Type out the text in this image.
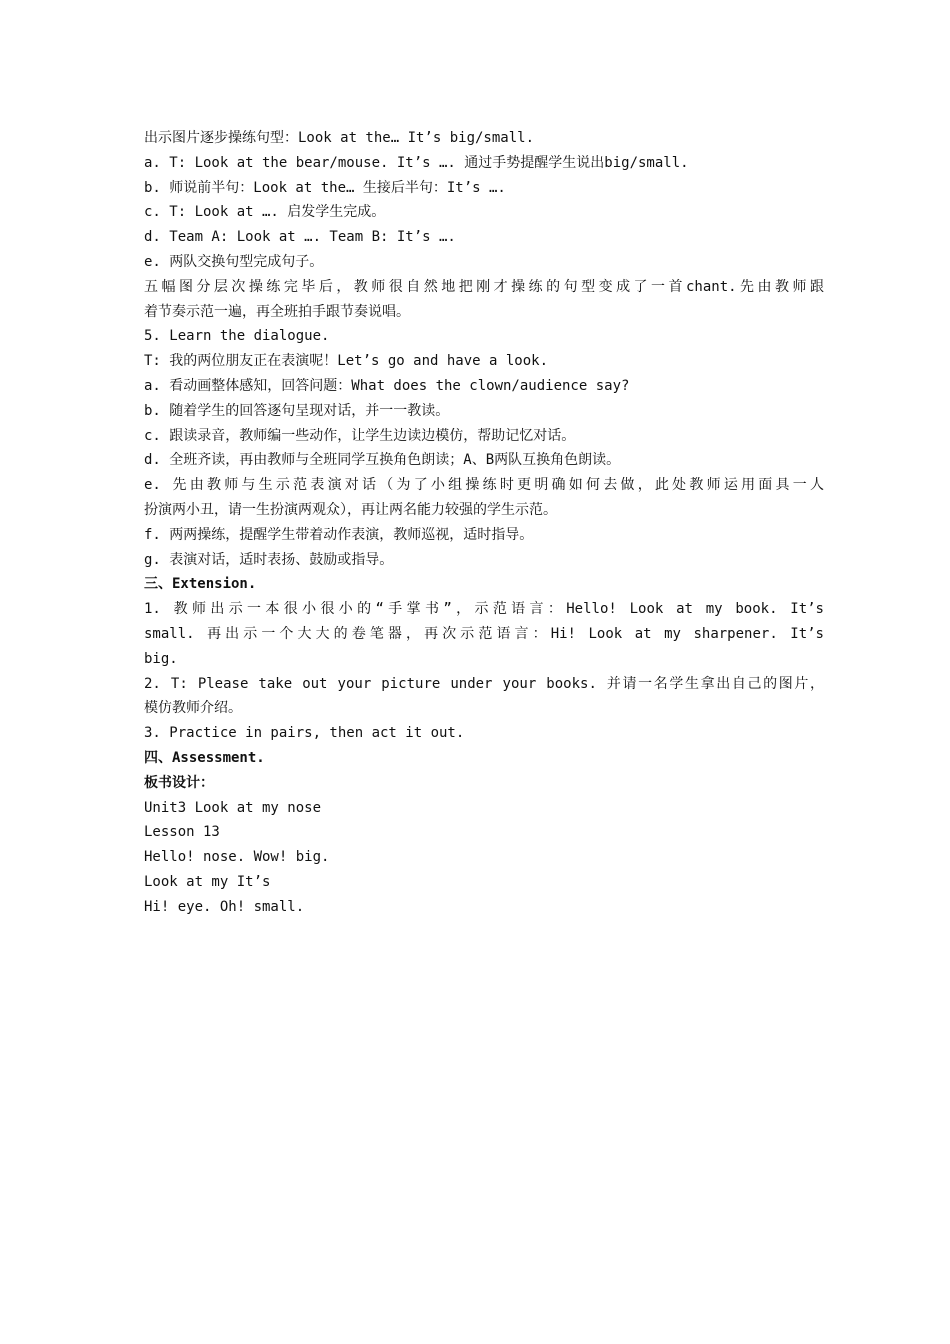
出示图片逐步操练句型：Look at the… It’s big/small.
a. T: Look at the bear/mouse. It’s …. 通过手势提醒学生说出big/small.
b. 师说前半句：Look at the… 生接后半句：It’s ….
c. T: Look at …. 启发学生完成。
d. Team A: Look at …. Team B: It’s ….
e. 两队交换句型完成句子。
五幅图分层次操练完毕后，教师很自然地把刚才操练的句型变成了一首chant.先由教师跟
着节奏示范一遍，再全班拍手跟节奏说唱。
5. Learn the dialogue.
T: 我的两位朋友正在表演呢！Let’s go and have a look.
a. 看动画整体感知，回答问题：What does the clown/audience say?
b. 随着学生的回答逐句呈现对话，并一一教读。
c. 跟读录音，教师编一些动作，让学生边读边模仿，帮助记忆对话。
d. 全班齐读，再由教师与全班同学互换角色朗读；A、B两队互换角色朗读。
e. 先由教师与生示范表演对话（为了小组操练时更明确如何去做，此处教师运用面具一人
扮演两小丑，请一生扮演两观众），再让两名能力较强的学生示范。
f. 两两操练，提醒学生带着动作表演，教师巡视，适时指导。
g. 表演对话，适时表扬、鼓励或指导。
三、Extension.
1. 教师出示一本很小很小的“手掌书”，示范语言：Hello! Look at my book. It’s
small. 再出示一个大大的卷笔器，再次示范语言：Hi! Look at my sharpener. It’s
big.
2. T: Please take out your picture under your books. 并请一名学生拿出自己的图片，
模仿教师介绍。
3. Practice in pairs, then act it out.
四、Assessment.
板书设计：
Unit3 Look at my nose
Lesson 13
Hello! nose. Wow! big.
Look at my It’s
Hi! eye. Oh! small.
